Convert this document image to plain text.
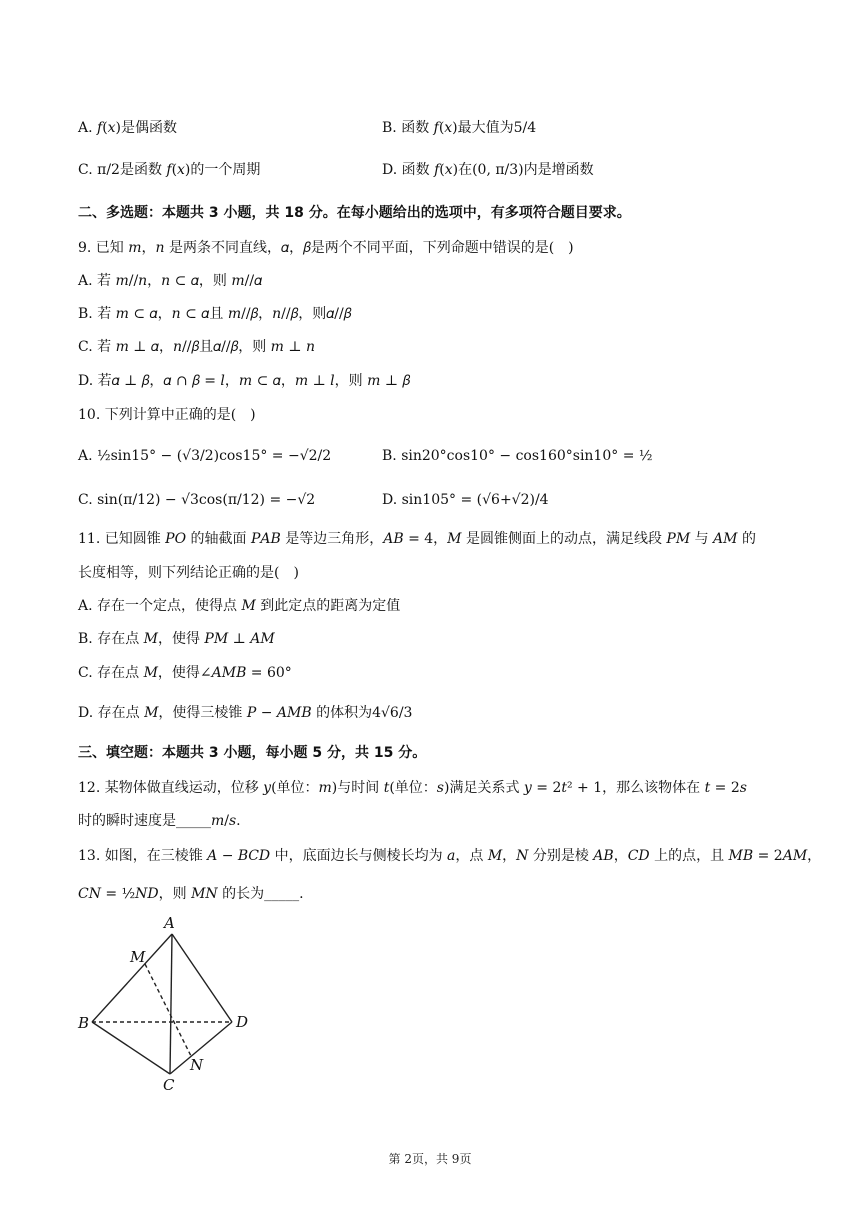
A. 𝑓(𝑥)是偶函数	B. 函数 𝑓(𝑥)最大值为5/4
C. π/2是函数 𝑓(𝑥)的一个周期	D. 函数 𝑓(𝑥)在(0, π/3)内是增函数
二、多选题：本题共 3 小题，共 18 分。在每小题给出的选项中，有多项符合题目要求。
9. 已知 𝑚，𝑛 是两条不同直线，𝛼，𝛽是两个不同平面，下列命题中错误的是(　)
A. 若 𝑚//𝑛，𝑛 ⊂ 𝛼，则 𝑚//𝛼
B. 若 𝑚 ⊂ 𝛼，𝑛 ⊂ 𝛼且 𝑚//𝛽，𝑛//𝛽，则𝛼//𝛽
C. 若 𝑚 ⊥ 𝛼，𝑛//𝛽且𝛼//𝛽，则 𝑚 ⊥ 𝑛
D. 若𝛼 ⊥ 𝛽，𝛼 ∩ 𝛽 = 𝑙，𝑚 ⊂ 𝛼，𝑚 ⊥ 𝑙，则 𝑚 ⊥ 𝛽
10. 下列计算中正确的是(　)
A. ½sin15° − (√3/2)cos15° = −√2/2	B. sin20°cos10° − cos160°sin10° = ½
C. sin(π/12) − √3cos(π/12) = −√2	D. sin105° = (√6+√2)/4
11. 已知圆锥 𝑃𝑂 的轴截面 𝑃𝐴𝐵 是等边三角形，𝐴𝐵 = 4，𝑀 是圆锥侧面上的动点，满足线段 𝑃𝑀 与 𝐴𝑀 的
长度相等，则下列结论正确的是(　)
A. 存在一个定点，使得点 𝑀 到此定点的距离为定值
B. 存在点 𝑀，使得 𝑃𝑀 ⊥ 𝐴𝑀
C. 存在点 𝑀，使得∠𝐴𝑀𝐵 = 60°
D. 存在点 𝑀，使得三棱锥 𝑃 − 𝐴𝑀𝐵 的体积为4√6/3
三、填空题：本题共 3 小题，每小题 5 分，共 15 分。
12. 某物体做直线运动，位移 𝑦(单位：𝑚)与时间 𝑡(单位：𝑠)满足关系式 𝑦 = 2𝑡² + 1，那么该物体在 𝑡 = 2𝑠
时的瞬时速度是_____𝑚/𝑠.
13. 如图，在三棱锥 𝐴 − 𝐵𝐶𝐷 中，底面边长与侧棱长均为 𝑎，点 𝑀，𝑁 分别是棱 𝐴𝐵，𝐶𝐷 上的点，且 𝑀𝐵 = 2𝐴𝑀，
𝐶𝑁 = ½𝑁𝐷，则 𝑀𝑁 的长为_____.
A
B
C
D
M
N
第 2页，共 9页
